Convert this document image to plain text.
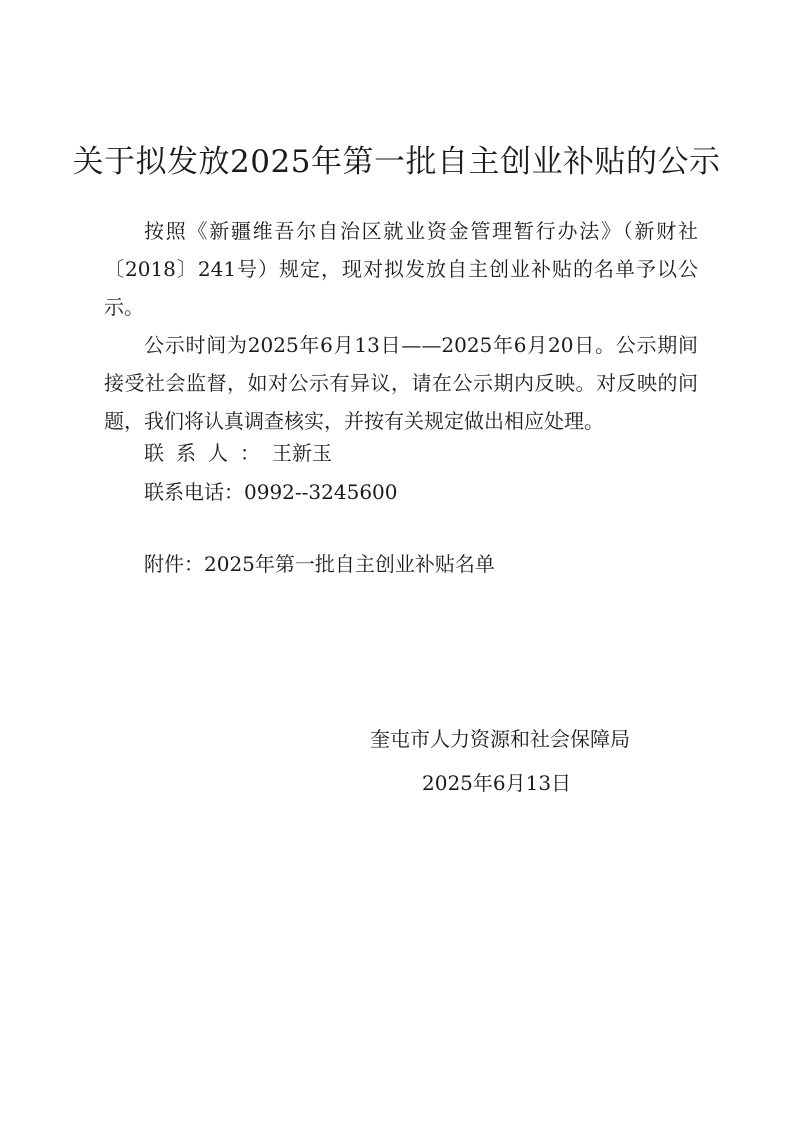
关于拟发放2025年第一批自主创业补贴的公示

按照《新疆维吾尔自治区就业资金管理暂行办法》（新财社〔2018〕241号）规定，现对拟发放自主创业补贴的名单予以公示。

公示时间为2025年6月13日——2025年6月20日。公示期间接受社会监督，如对公示有异议，请在公示期内反映。对反映的问题，我们将认真调查核实，并按有关规定做出相应处理。

联系人：王新玉
联系电话：0992--3245600
附件：2025年第一批自主创业补贴名单
奎屯市人力资源和社会保障局
2025年6月13日
